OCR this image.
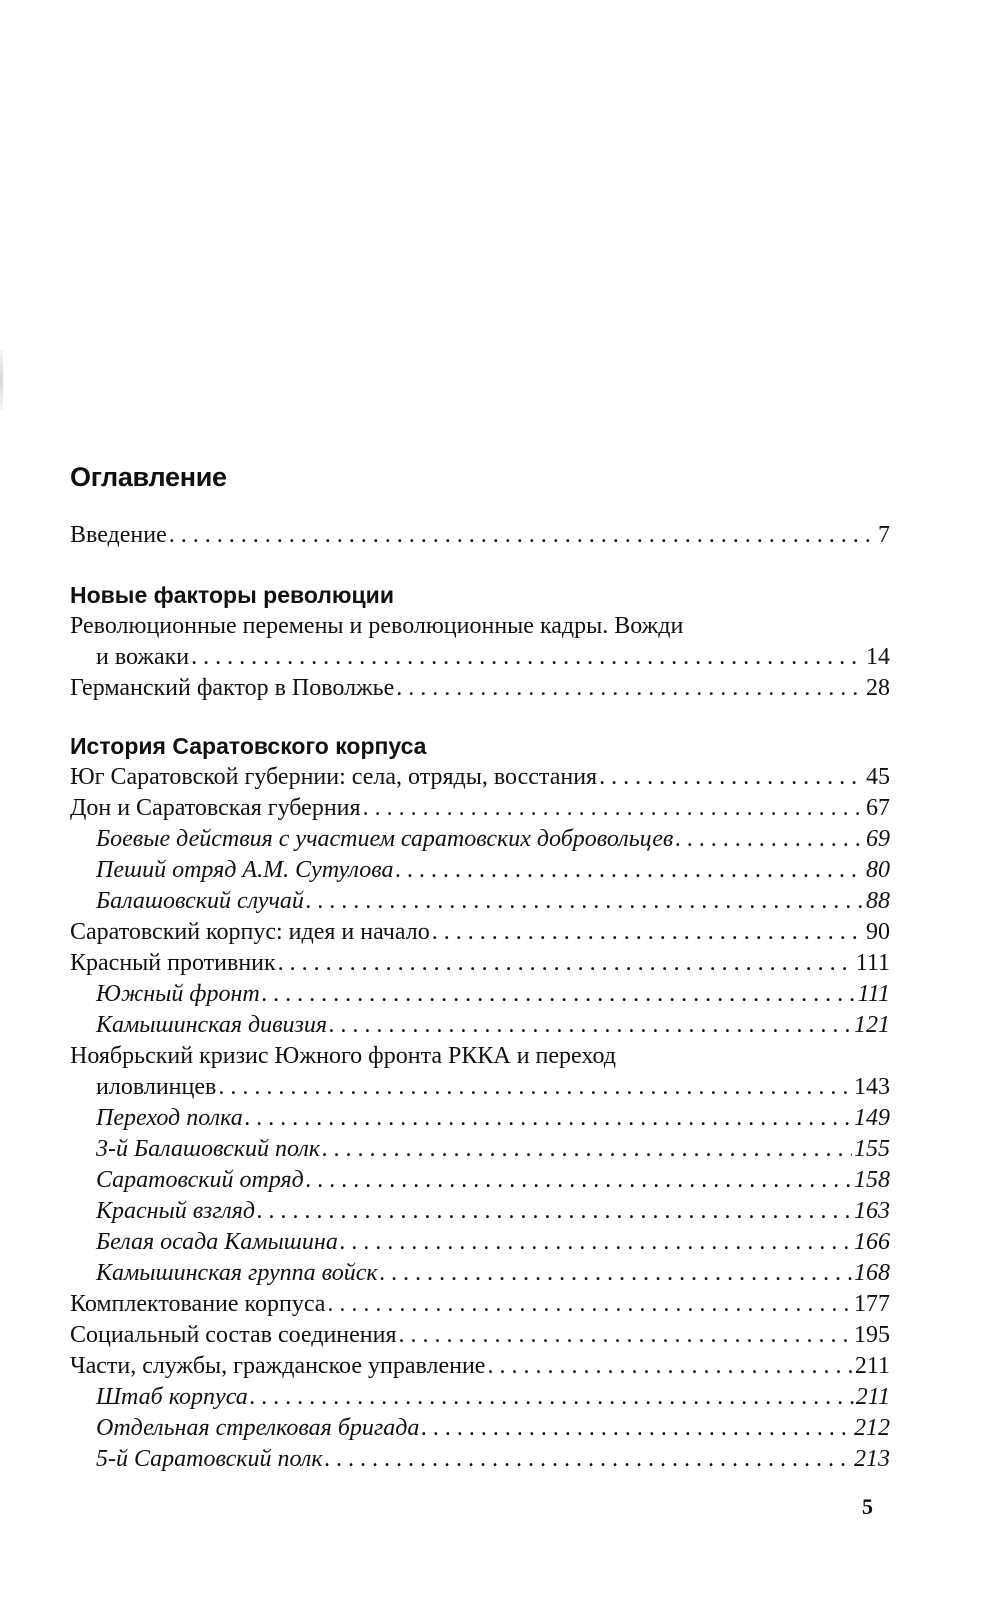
Оглавление
Введение . . .	7
Новые факторы революции
Революционные перемены и революционные кадры. Вожди
и вожаки . . .	14
Германский фактор в Поволжье . . .	28
История Саратовского корпуса
Юг Саратовской губернии: села, отряды, восстания . . .	45
Дон и Саратовская губерния . . .	67
Боевые действия с участием саратовских добровольцев . . .	69
Пеший отряд А.М. Сутулова . . .	80
Балашовский случай . . .	88
Саратовский корпус: идея и начало . . .	90
Красный противник . . .	111
Южный фронт . . .	111
Камышинская дивизия . . .	121
Ноябрьский кризис Южного фронта РККА и переход
иловлинцев . . .	143
Переход полка . . .	149
3-й Балашовский полк . . .	155
Саратовский отряд . . .	158
Красный взгляд . . .	163
Белая осада Камышина . . .	166
Камышинская группа войск . . .	168
Комплектование корпуса . . .	177
Социальный состав соединения . . .	195
Части, службы, гражданское управление . . .	211
Штаб корпуса . . .	211
Отдельная стрелковая бригада . . .	212
5-й Саратовский полк . . .	213
5
